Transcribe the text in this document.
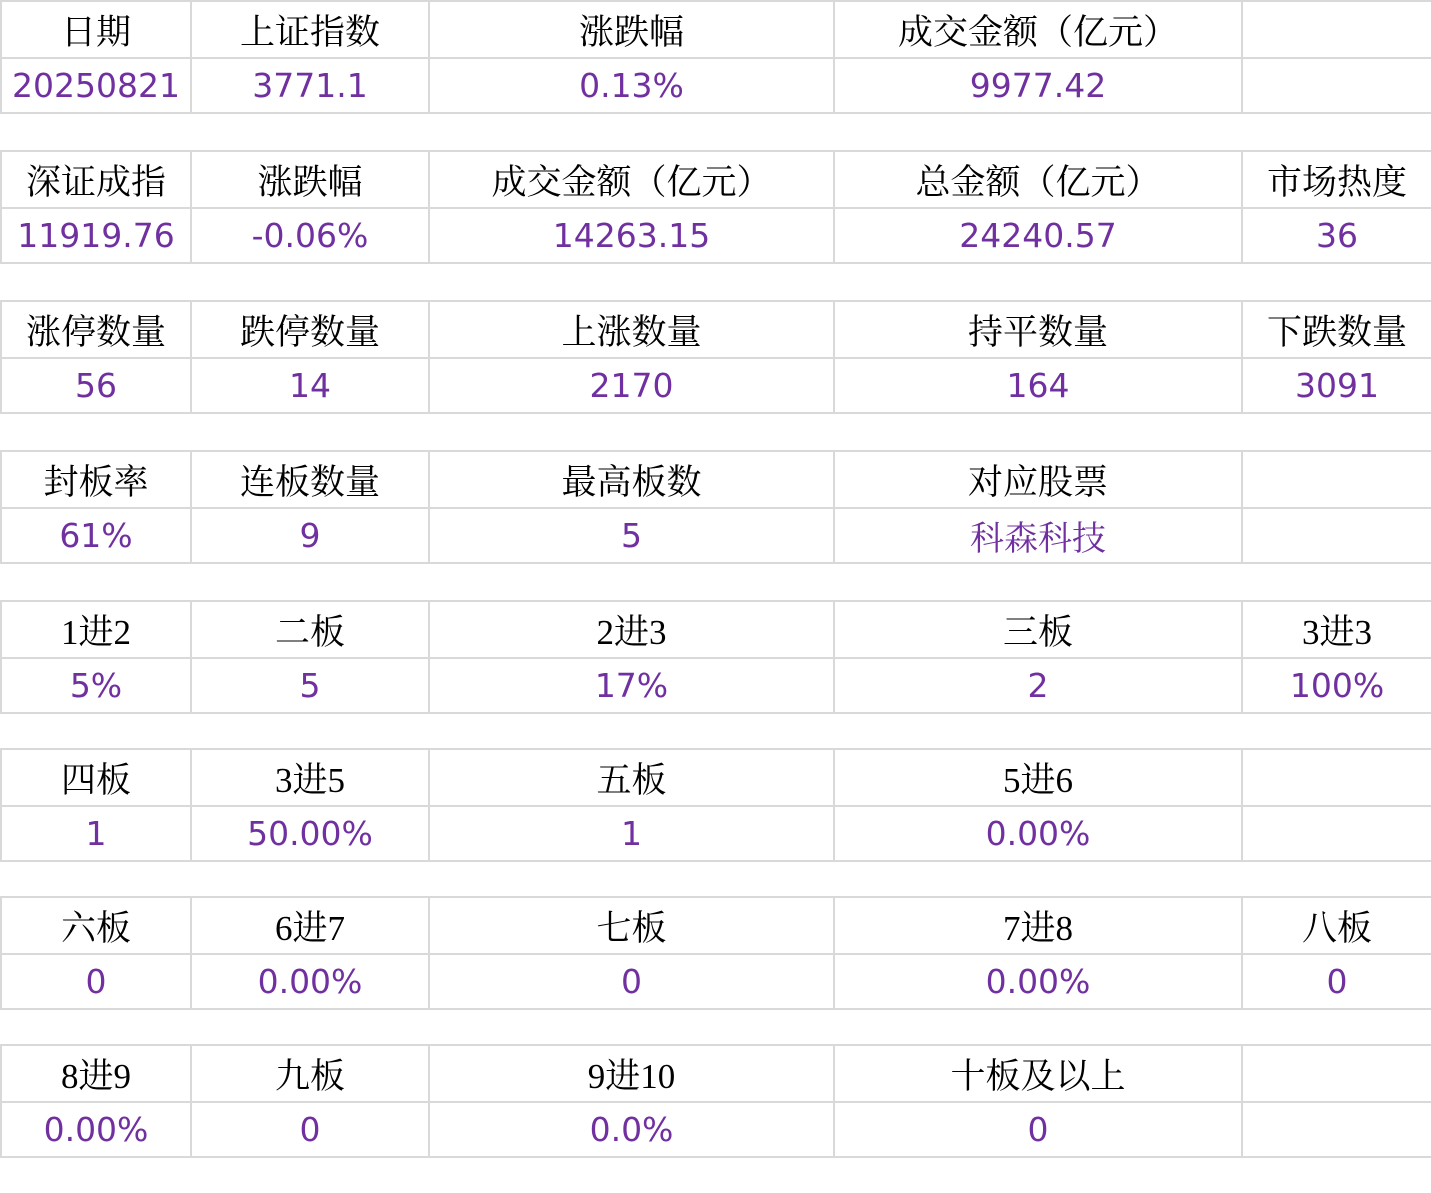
日期	上证指数	涨跌幅	成交金额（亿元）	
20250821	3771.1	0.13%	9977.42	
深证成指	涨跌幅	成交金额（亿元）	总金额（亿元）	市场热度
11919.76	-0.06%	14263.15	24240.57	36
涨停数量	跌停数量	上涨数量	持平数量	下跌数量
56	14	2170	164	3091
封板率	连板数量	最高板数	对应股票	
61%	9	5	科森科技	
1进2	二板	2进3	三板	3进3
5%	5	17%	2	100%
四板	3进5	五板	5进6	
1	50.00%	1	0.00%	
六板	6进7	七板	7进8	八板
0	0.00%	0	0.00%	0
8进9	九板	9进10	十板及以上	
0.00%	0	0.0%	0	
